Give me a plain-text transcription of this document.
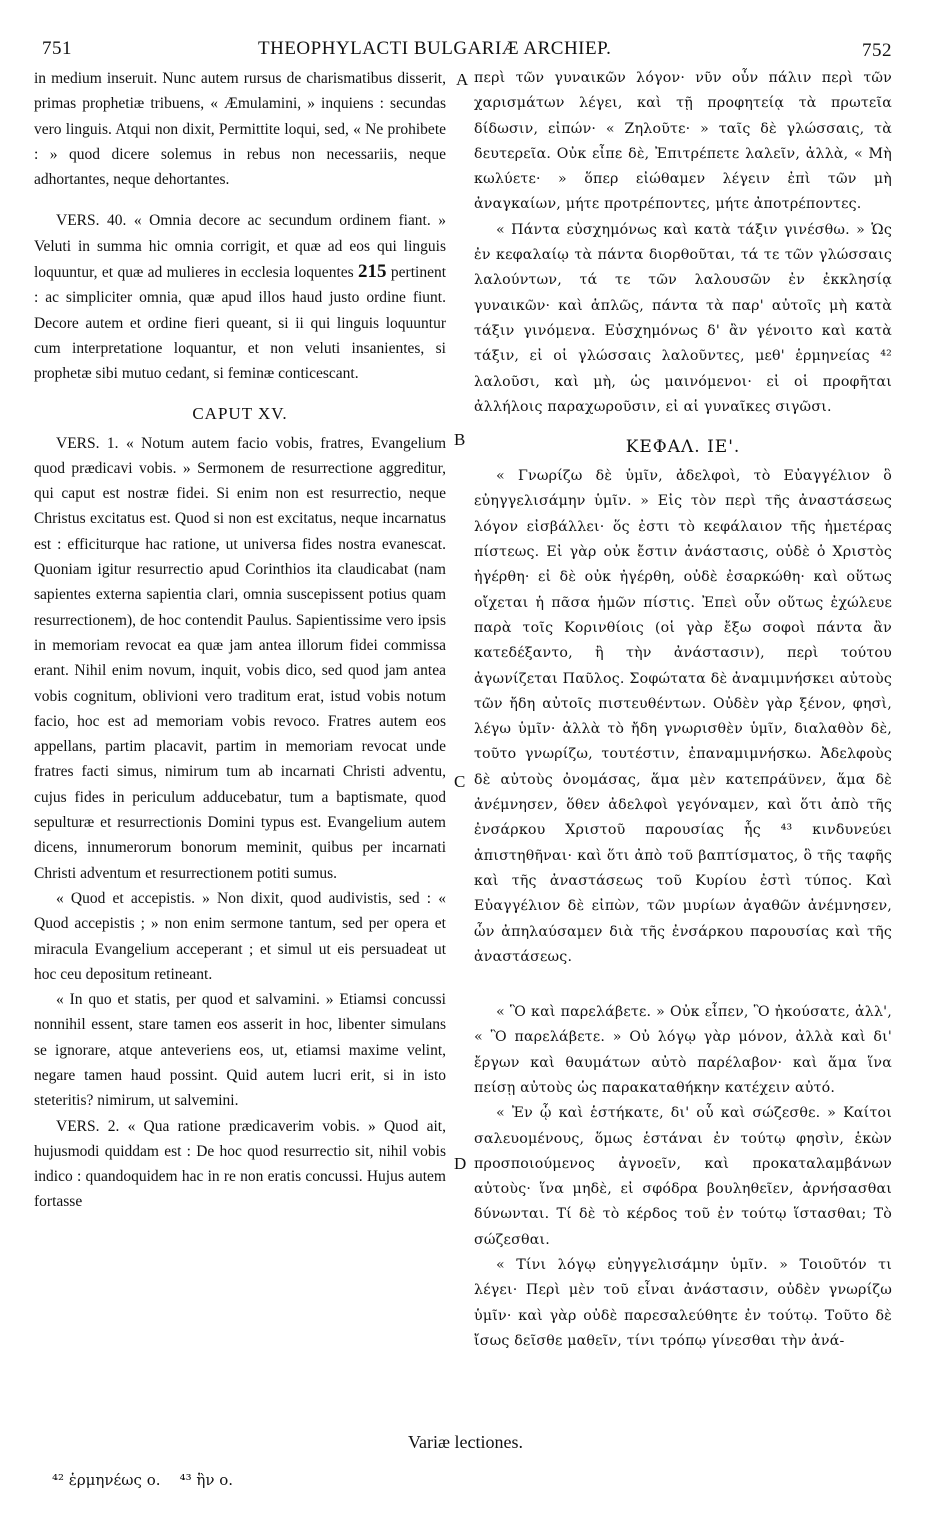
751	THEOPHYLACTI BULGARIÆ ARCHIEP.	752

in medium inseruit. Nunc autem rursus de charismatibus disserit, primas prophetiæ tribuens, « Æmulamini, » inquiens : secundas vero linguis. Atqui non dixit, Permittite loqui, sed, « Ne prohibete : » quod dicere solemus in rebus non necessariis, neque adhortantes, neque dehortantes.

VERS. 40. « Omnia decore ac secundum ordinem fiant. » Veluti in summa hic omnia corrigit, et quæ ad eos qui linguis loquuntur, et quæ ad mulieres in ecclesia loquentes 215 pertinent : ac simpliciter omnia, quæ apud illos haud justo ordine fiunt. Decore autem et ordine fieri queant, si ii qui linguis loquuntur cum interpretatione loquantur, et non veluti insanientes, si prophetæ sibi mutuo cedant, si feminæ conticescant.

CAPUT XV.

VERS. 1. « Notum autem facio vobis, fratres, Evangelium quod prædicavi vobis. » Sermonem de resurrectione aggreditur, qui caput est nostræ fidei. Si enim non est resurrectio, neque Christus excitatus est. Quod si non est excitatus, neque incarnatus est : efficiturque hac ratione, ut universa fides nostra evanescat. Quoniam igitur resurrectio apud Corinthios ita claudicabat (nam sapientes externa sapientia clari, omnia suscepissent potius quam resurrectionem), de hoc contendit Paulus. Sapientissime vero ipsis in memoriam revocat ea quæ jam antea illorum fidei commissa erant. Nihil enim novum, inquit, vobis dico, sed quod jam antea vobis cognitum, oblivioni vero traditum erat, istud vobis notum facio, hoc est ad memoriam vobis revoco. Fratres autem eos appellans, partim placavit, partim in memoriam revocat unde fratres facti simus, nimirum tum ab incarnati Christi adventu, cujus fides in periculum adducebatur, tum a baptismate, quod sepulturæ et resurrectionis Domini typus est. Evangelium autem dicens, innumerorum bonorum meminit, quibus per incarnati Christi adventum et resurrectionem potiti sumus.

« Quod et accepistis. » Non dixit, quod audivistis, sed : « Quod accepistis ; » non enim sermone tantum, sed per opera et miracula Evangelium acceperant ; et simul ut eis persuadeat ut hoc ceu depositum retineant.

« In quo et statis, per quod et salvamini. » Etiamsi concussi nonnihil essent, stare tamen eos asserit in hoc, libenter simulans se ignorare, atque anteveriens eos, ut, etiamsi maxime velint, negare tamen haud possint. Quid autem lucri erit, si in isto steteritis? nimirum, ut salvemini.

VERS. 2. « Qua ratione prædicaverim vobis. » Quod ait, hujusmodi quiddam est : De hoc quod resurrectio sit, nihil vobis indico : quandoquidem hac in re non eratis concussi. Hujus autem fortasse

A
B
C
D

περὶ τῶν γυναικῶν λόγον· νῦν οὖν πάλιν περὶ τῶν χαρισμάτων λέγει, καὶ τῇ προφητείᾳ τὰ πρωτεῖα δίδωσιν, εἰπών· « Ζηλοῦτε· » ταῖς δὲ γλώσσαις, τὰ δευτερεῖα. Οὐκ εἶπε δὲ, Ἐπιτρέπετε λαλεῖν, ἀλλὰ, « Μὴ κωλύετε· » ὅπερ εἰώθαμεν λέγειν ἐπὶ τῶν μὴ ἀναγκαίων, μήτε προτρέποντες, μήτε ἀποτρέποντες.

« Πάντα εὐσχημόνως καὶ κατὰ τάξιν γινέσθω. » Ὡς ἐν κεφαλαίῳ τὰ πάντα διορθοῦται, τά τε τῶν γλώσσαις λαλούντων, τά τε τῶν λαλουσῶν ἐν ἐκκλησίᾳ γυναικῶν· καὶ ἁπλῶς, πάντα τὰ παρ' αὐτοῖς μὴ κατὰ τάξιν γινόμενα. Εὐσχημόνως δ' ἂν γένοιτο καὶ κατὰ τάξιν, εἰ οἱ γλώσσαις λαλοῦντες, μεθ' ἑρμηνείας ⁴² λαλοῦσι, καὶ μὴ, ὡς μαινόμενοι· εἰ οἱ προφῆται ἀλλήλοις παραχωροῦσιν, εἰ αἱ γυναῖκες σιγῶσι.

ΚΕΦΑΛ. ΙΕ'.

« Γνωρίζω δὲ ὑμῖν, ἀδελφοὶ, τὸ Εὐαγγέλιον ὃ εὐηγγελισάμην ὑμῖν. » Εἰς τὸν περὶ τῆς ἀναστάσεως λόγον εἰσβάλλει· ὅς ἐστι τὸ κεφάλαιον τῆς ἡμετέρας πίστεως. Εἰ γὰρ οὐκ ἔστιν ἀνάστασις, οὐδὲ ὁ Χριστὸς ἠγέρθη· εἰ δὲ οὐκ ἠγέρθη, οὐδὲ ἐσαρκώθη· καὶ οὕτως οἴχεται ἡ πᾶσα ἡμῶν πίστις. Ἐπεὶ οὖν οὕτως ἐχώλευε παρὰ τοῖς Κορινθίοις (οἱ γὰρ ἔξω σοφοὶ πάντα ἂν κατεδέξαντο, ἢ τὴν ἀνάστασιν), περὶ τούτου ἀγωνίζεται Παῦλος. Σοφώτατα δὲ ἀναμιμνήσκει αὐτοὺς τῶν ἤδη αὐτοῖς πιστευθέντων. Οὐδὲν γὰρ ξένον, φησὶ, λέγω ὑμῖν· ἀλλὰ τὸ ἤδη γνωρισθὲν ὑμῖν, διαλαθὸν δὲ, τοῦτο γνωρίζω, τουτέστιν, ἐπαναμιμνήσκω. Ἀδελφοὺς δὲ αὐτοὺς ὀνομάσας, ἅμα μὲν κατεπράϋνεν, ἅμα δὲ ἀνέμνησεν, ὅθεν ἀδελφοὶ γεγόναμεν, καὶ ὅτι ἀπὸ τῆς ἐνσάρκου Χριστοῦ παρουσίας ἧς ⁴³ κινδυνεύει ἀπιστηθῆναι· καὶ ὅτι ἀπὸ τοῦ βαπτίσματος, ὃ τῆς ταφῆς καὶ τῆς ἀναστάσεως τοῦ Κυρίου ἐστὶ τύπος. Καὶ Εὐαγγέλιον δὲ εἰπὼν, τῶν μυρίων ἀγαθῶν ἀνέμνησεν, ὧν ἀπηλαύσαμεν διὰ τῆς ἐνσάρκου παρουσίας καὶ τῆς ἀναστάσεως.

« Ὃ καὶ παρελάβετε. » Οὐκ εἶπεν, Ὃ ἠκούσατε, ἀλλ', « Ὃ παρελάβετε. » Οὐ λόγῳ γὰρ μόνον, ἀλλὰ καὶ δι' ἔργων καὶ θαυμάτων αὐτὸ παρέλαβον· καὶ ἅμα ἵνα πείσῃ αὐτοὺς ὡς παρακαταθήκην κατέχειν αὐτό.

« Ἐν ᾧ καὶ ἑστήκατε, δι' οὗ καὶ σώζεσθε. » Καίτοι σαλευομένους, ὅμως ἑστάναι ἐν τούτῳ φησὶν, ἑκὼν προσποιούμενος ἀγνοεῖν, καὶ προκαταλαμβάνων αὐτοὺς· ἵνα μηδὲ, εἰ σφόδρα βουληθεῖεν, ἀρνήσασθαι δύνωνται. Τί δὲ τὸ κέρδος τοῦ ἐν τούτῳ ἵστασθαι; Τὸ σώζεσθαι.

« Τίνι λόγῳ εὐηγγελισάμην ὑμῖν. » Τοιοῦτόν τι λέγει· Περὶ μὲν τοῦ εἶναι ἀνάστασιν, οὐδὲν γνωρίζω ὑμῖν· καὶ γὰρ οὐδὲ παρεσαλεύθητε ἐν τούτῳ. Τοῦτο δὲ ἴσως δεῖσθε μαθεῖν, τίνι τρόπῳ γίνεσθαι τὴν ἀνά-

Variæ lectiones.
⁴² ἑρμηνέως ο. ⁴³ ἣν ο.
